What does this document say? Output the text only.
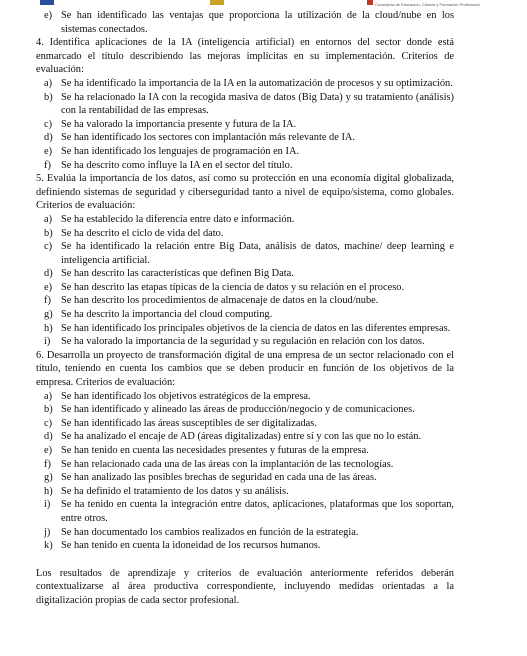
Consejería de Educación, Ciencia y Formación Profesional
e) Se han identificado las ventajas que proporciona la utilización de la cloud/nube en los sistemas conectados.

4. Identifica aplicaciones de la IA (inteligencia artificial) en entornos del sector donde está enmarcado el título describiendo las mejoras implícitas en su implementación. Criterios de evaluación:

a) Se ha identificado la importancia de la IA en la automatización de procesos y su optimización.
b) Se ha relacionado la IA con la recogida masiva de datos (Big Data) y su tratamiento (análisis) con la rentabilidad de las empresas.
c) Se ha valorado la importancia presente y futura de la IA.
d) Se han identificado los sectores con implantación más relevante de IA.
e) Se han identificado los lenguajes de programación en IA.
f) Se ha descrito como influye la IA en el sector del título.

5. Evalúa la importancia de los datos, así como su protección en una economía digital globalizada, definiendo sistemas de seguridad y ciberseguridad tanto a nivel de equipo/sistema, como globales. Criterios de evaluación:

a) Se ha establecido la diferencia entre dato e información.
b) Se ha descrito el ciclo de vida del dato.
c) Se ha identificado la relación entre Big Data, análisis de datos, machine/ deep learning e inteligencia artificial.
d) Se han descrito las características que definen Big Data.
e) Se han descrito las etapas típicas de la ciencia de datos y su relación en el proceso.
f) Se han descrito los procedimientos de almacenaje de datos en la cloud/nube.
g) Se ha descrito la importancia del cloud computing.
h) Se han identificado los principales objetivos de la ciencia de datos en las diferentes empresas.
i) Se ha valorado la importancia de la seguridad y su regulación en relación con los datos.

6. Desarrolla un proyecto de transformación digital de una empresa de un sector relacionado con el título, teniendo en cuenta los cambios que se deben producir en función de los objetivos de la empresa. Criterios de evaluación:

a) Se han identificado los objetivos estratégicos de la empresa.
b) Se han identificado y alineado las áreas de producción/negocio y de comunicaciones.
c) Se han identificado las áreas susceptibles de ser digitalizadas.
d) Se ha analizado el encaje de AD (áreas digitalizadas) entre sí y con las que no lo están.
e) Se han tenido en cuenta las necesidades presentes y futuras de la empresa.
f) Se han relacionado cada una de las áreas con la implantación de las tecnologías.
g) Se han analizado las posibles brechas de seguridad en cada una de las áreas.
h) Se ha definido el tratamiento de los datos y su análisis.
i) Se ha tenido en cuenta la integración entre datos, aplicaciones, plataformas que los soportan, entre otros.
j) Se han documentado los cambios realizados en función de la estrategia.
k) Se han tenido en cuenta la idoneidad de los recursos humanos.

Los resultados de aprendizaje y criterios de evaluación anteriormente referidos deberán contextualizarse al área productiva correspondiente, incluyendo medidas orientadas a la digitalización propias de cada sector profesional.
